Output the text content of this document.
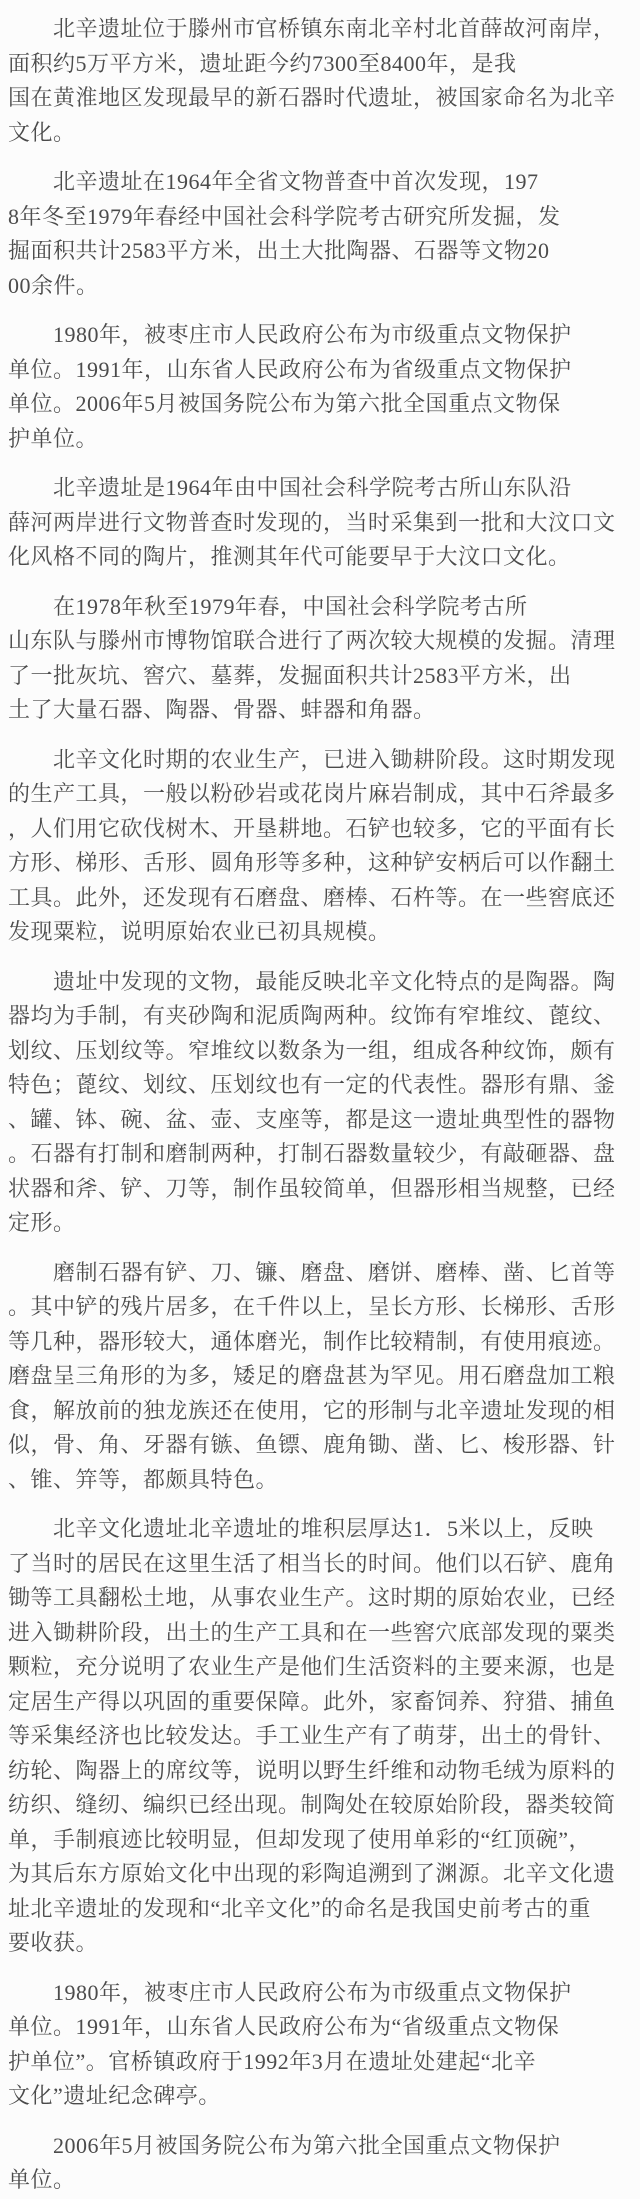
北辛遗址位于滕州市官桥镇东南北辛村北首薛故河南岸，
面积约5万平方米，遗址距今约7300至8400年，是我
国在黄淮地区发现最早的新石器时代遗址，被国家命名为北辛
文化。
北辛遗址在1964年全省文物普查中首次发现，197
8年冬至1979年春经中国社会科学院考古研究所发掘，发
掘面积共计2583平方米，出土大批陶器、石器等文物20
00余件。
1980年，被枣庄市人民政府公布为市级重点文物保护
单位。1991年，山东省人民政府公布为省级重点文物保护
单位。2006年5月被国务院公布为第六批全国重点文物保
护单位。
北辛遗址是1964年由中国社会科学院考古所山东队沿
薛河两岸进行文物普查时发现的，当时采集到一批和大汶口文
化风格不同的陶片，推测其年代可能要早于大汶口文化。
在1978年秋至1979年春，中国社会科学院考古所
山东队与滕州市博物馆联合进行了两次较大规模的发掘。清理
了一批灰坑、窖穴、墓葬，发掘面积共计2583平方米，出
土了大量石器、陶器、骨器、蚌器和角器。
北辛文化时期的农业生产，已进入锄耕阶段。这时期发现
的生产工具，一般以粉砂岩或花岗片麻岩制成，其中石斧最多
，人们用它砍伐树木、开垦耕地。石铲也较多，它的平面有长
方形、梯形、舌形、圆角形等多种，这种铲安柄后可以作翻土
工具。此外，还发现有石磨盘、磨棒、石杵等。在一些窖底还
发现粟粒，说明原始农业已初具规模。
遗址中发现的文物，最能反映北辛文化特点的是陶器。陶
器均为手制，有夹砂陶和泥质陶两种。纹饰有窄堆纹、蓖纹、
划纹、压划纹等。窄堆纹以数条为一组，组成各种纹饰，颇有
特色；蓖纹、划纹、压划纹也有一定的代表性。器形有鼎、釜
、罐、钵、碗、盆、壶、支座等，都是这一遗址典型性的器物
。石器有打制和磨制两种，打制石器数量较少，有敲砸器、盘
状器和斧、铲、刀等，制作虽较简单，但器形相当规整，已经
定形。
磨制石器有铲、刀、镰、磨盘、磨饼、磨棒、凿、匕首等
。其中铲的残片居多，在千件以上，呈长方形、长梯形、舌形
等几种，器形较大，通体磨光，制作比较精制，有使用痕迹。
磨盘呈三角形的为多，矮足的磨盘甚为罕见。用石磨盘加工粮
食，解放前的独龙族还在使用，它的形制与北辛遗址发现的相
似，骨、角、牙器有镞、鱼镖、鹿角锄、凿、匕、梭形器、针
、锥、笄等，都颇具特色。
北辛文化遗址北辛遗址的堆积层厚达1．5米以上，反映
了当时的居民在这里生活了相当长的时间。他们以石铲、鹿角
锄等工具翻松土地，从事农业生产。这时期的原始农业，已经
进入锄耕阶段，出土的生产工具和在一些窖穴底部发现的粟类
颗粒，充分说明了农业生产是他们生活资料的主要来源，也是
定居生产得以巩固的重要保障。此外，家畜饲养、狩猎、捕鱼
等采集经济也比较发达。手工业生产有了萌芽，出土的骨针、
纺轮、陶器上的席纹等，说明以野生纤维和动物毛绒为原料的
纺织、缝纫、编织已经出现。制陶处在较原始阶段，器类较简
单，手制痕迹比较明显，但却发现了使用单彩的“红顶碗”，
为其后东方原始文化中出现的彩陶追溯到了渊源。北辛文化遗
址北辛遗址的发现和“北辛文化”的命名是我国史前考古的重
要收获。
1980年，被枣庄市人民政府公布为市级重点文物保护
单位。1991年，山东省人民政府公布为“省级重点文物保
护单位”。官桥镇政府于1992年3月在遗址处建起“北辛
文化”遗址纪念碑亭。
2006年5月被国务院公布为第六批全国重点文物保护
单位。
